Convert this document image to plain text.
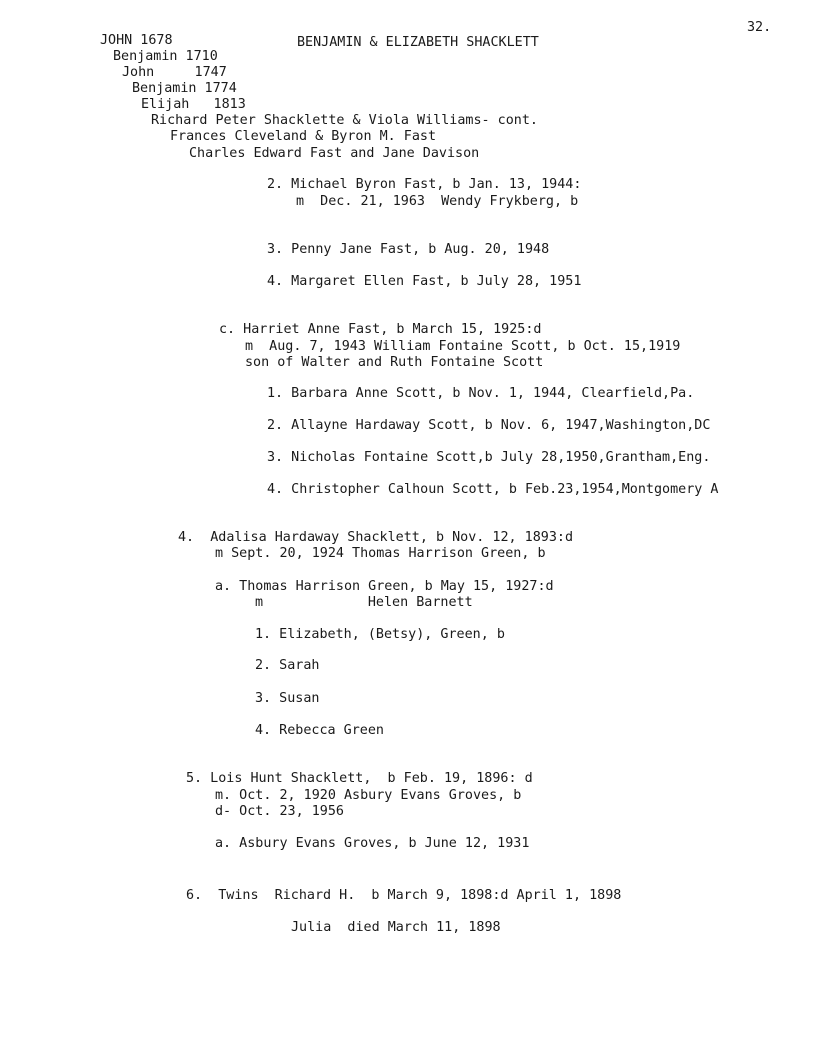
32.
BENJAMIN & ELIZABETH SHACKLETT
JOHN 1678
Benjamin 1710
John     1747
Benjamin 1774
Elijah   1813
Richard Peter Shacklette & Viola Williams- cont.
Frances Cleveland & Byron M. Fast
Charles Edward Fast and Jane Davison
2. Michael Byron Fast, b Jan. 13, 1944:
m  Dec. 21, 1963  Wendy Frykberg, b
3. Penny Jane Fast, b Aug. 20, 1948
4. Margaret Ellen Fast, b July 28, 1951
c. Harriet Anne Fast, b March 15, 1925:d
m  Aug. 7, 1943 William Fontaine Scott, b Oct. 15,1919
son of Walter and Ruth Fontaine Scott
1. Barbara Anne Scott, b Nov. 1, 1944, Clearfield,Pa.
2. Allayne Hardaway Scott, b Nov. 6, 1947,Washington,DC
3. Nicholas Fontaine Scott,b July 28,1950,Grantham,Eng.
4. Christopher Calhoun Scott, b Feb.23,1954,Montgomery A
4.  Adalisa Hardaway Shacklett, b Nov. 12, 1893:d
m Sept. 20, 1924 Thomas Harrison Green, b
a. Thomas Harrison Green, b May 15, 1927:d
m             Helen Barnett
1. Elizabeth, (Betsy), Green, b
2. Sarah
3. Susan
4. Rebecca Green
5. Lois Hunt Shacklett,  b Feb. 19, 1896: d
m. Oct. 2, 1920 Asbury Evans Groves, b
d- Oct. 23, 1956
a. Asbury Evans Groves, b June 12, 1931
6.  Twins  Richard H.  b March 9, 1898:d April 1, 1898
Julia  died March 11, 1898
